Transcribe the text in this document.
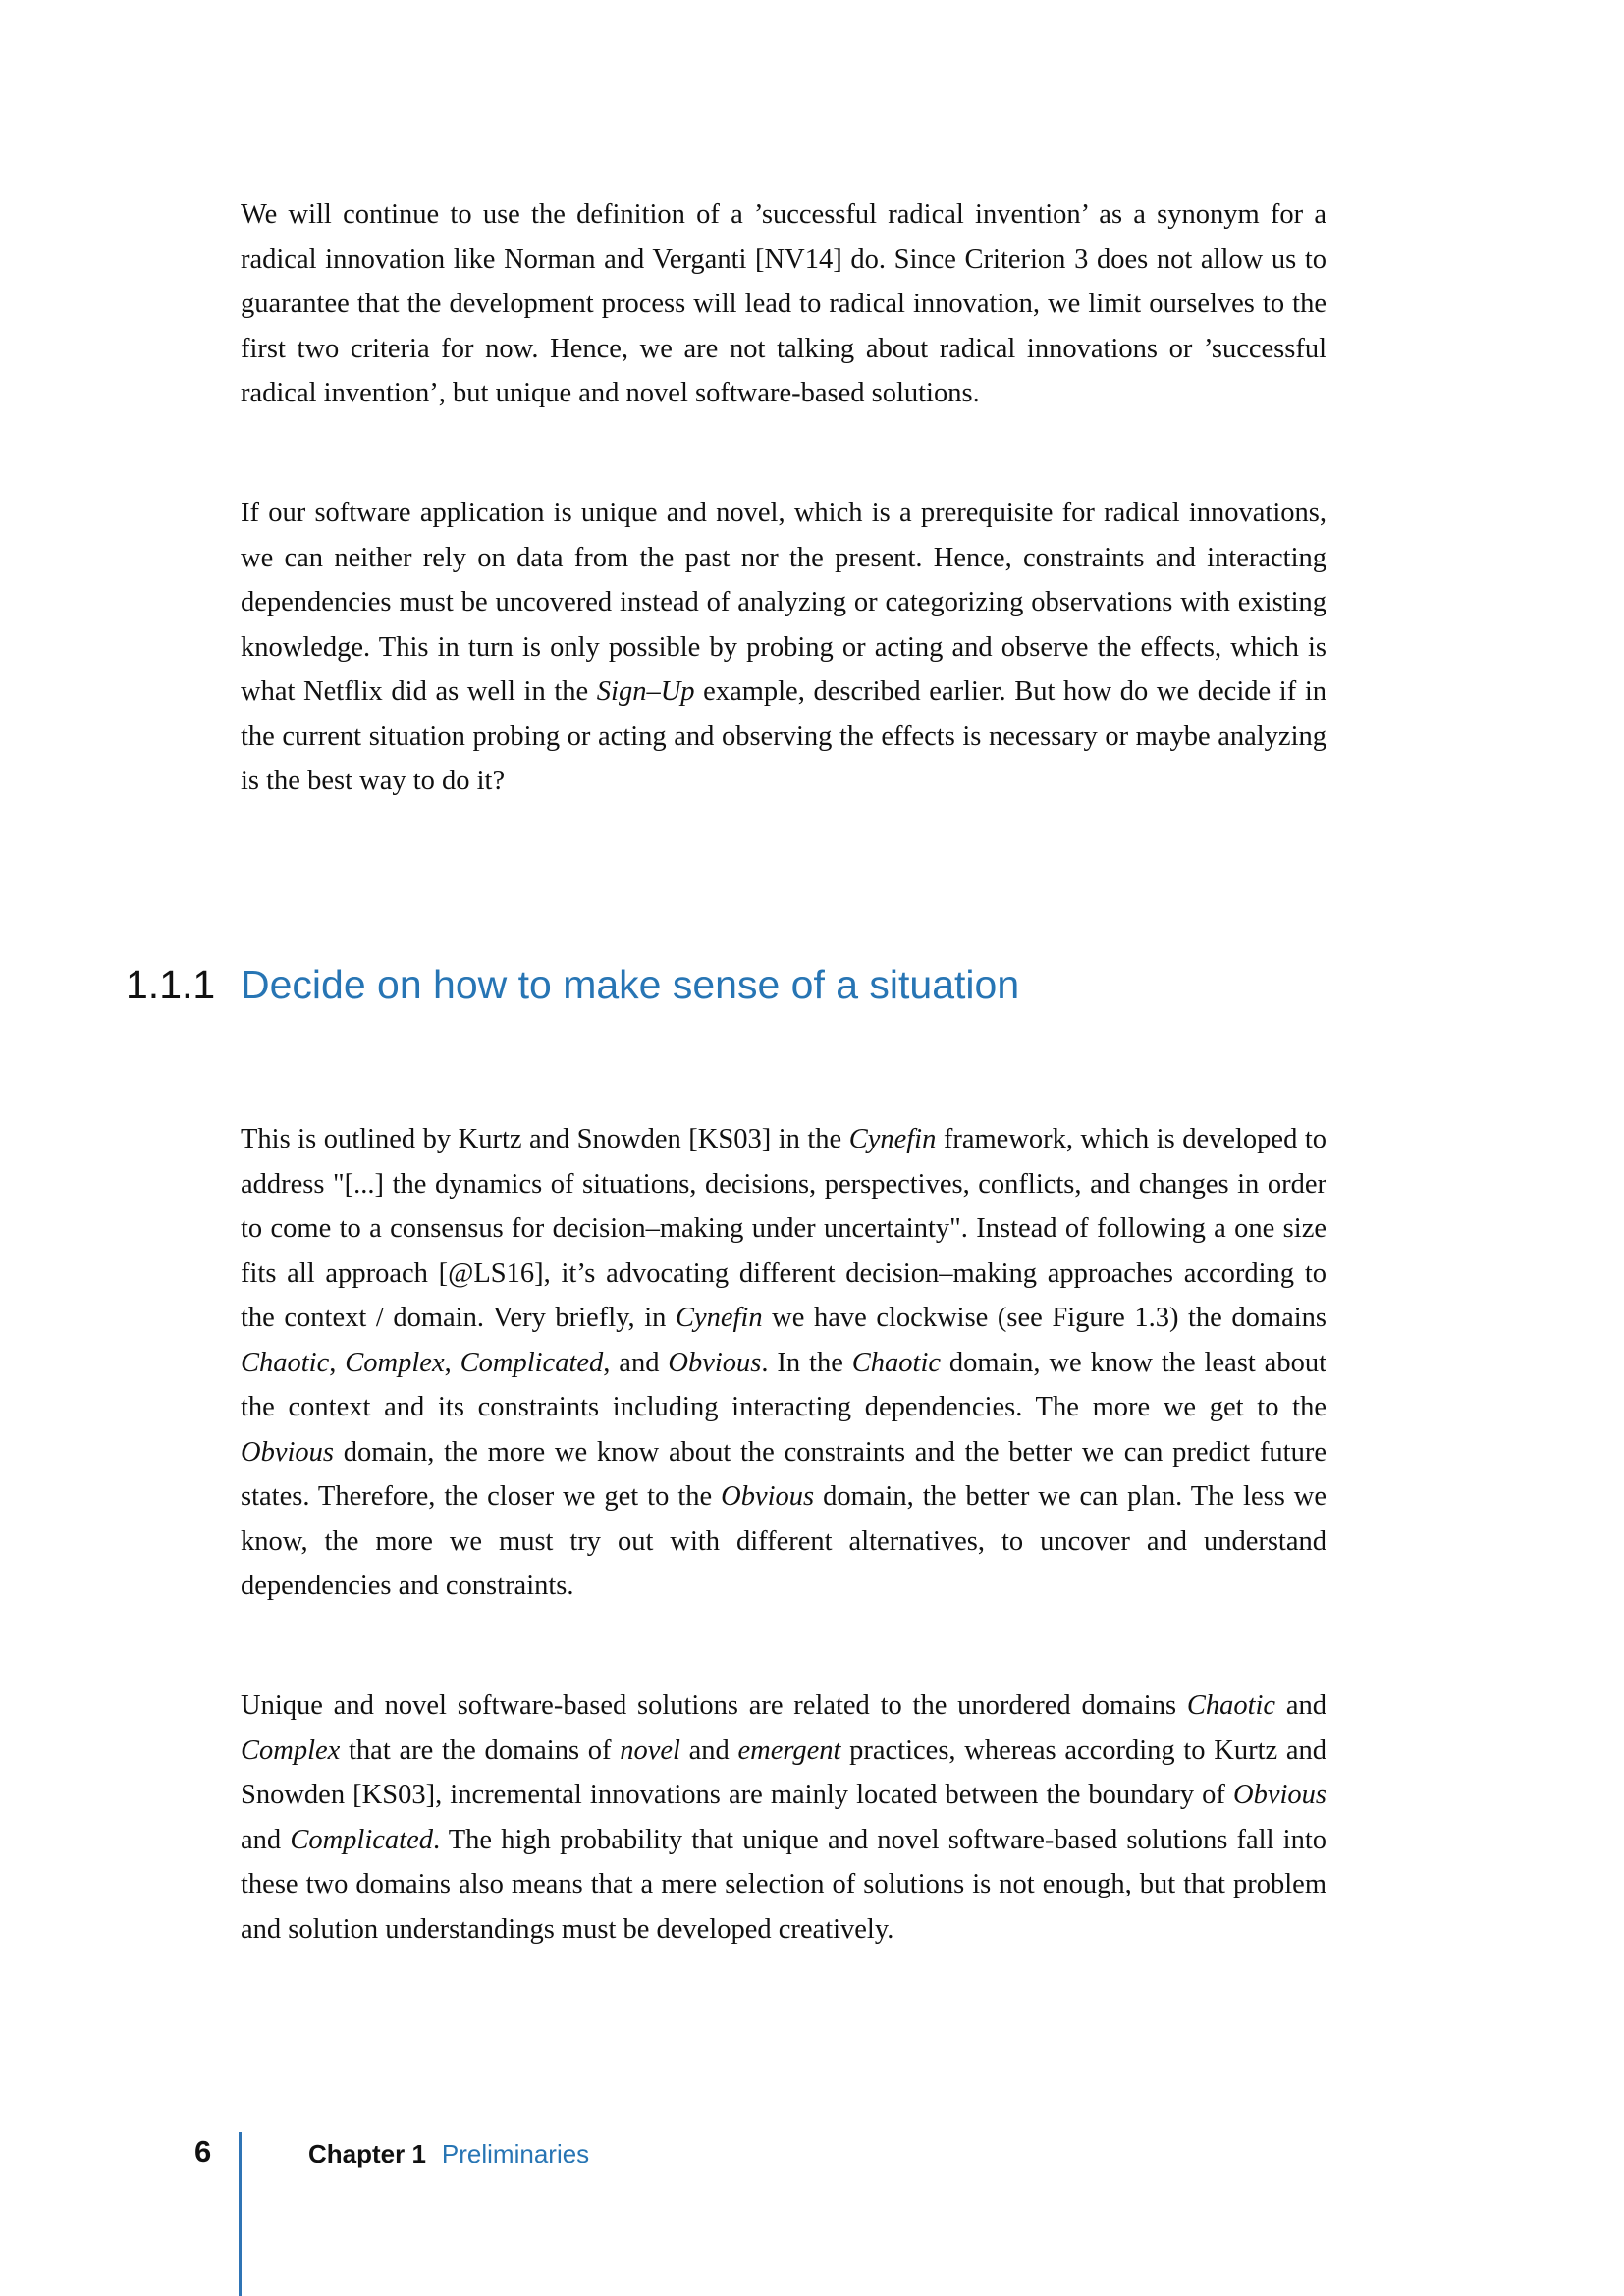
We will continue to use the definition of a ’successful radical invention’ as a synonym for a radical innovation like Norman and Verganti [NV14] do. Since Criterion 3 does not allow us to guarantee that the development process will lead to radical innovation, we limit ourselves to the first two criteria for now. Hence, we are not talking about radical innovations or ’successful radical invention’, but unique and novel software-based solutions.

If our software application is unique and novel, which is a prerequisite for radical innovations, we can neither rely on data from the past nor the present. Hence, constraints and interacting dependencies must be uncovered instead of analyzing or categorizing observations with existing knowledge. This in turn is only possible by probing or acting and observe the effects, which is what Netflix did as well in the Sign–Up example, described earlier. But how do we decide if in the current situation probing or acting and observing the effects is necessary or maybe analyzing is the best way to do it?

1.1.1 Decide on how to make sense of a situation

This is outlined by Kurtz and Snowden [KS03] in the Cynefin framework, which is developed to address "[...] the dynamics of situations, decisions, perspectives, conflicts, and changes in order to come to a consensus for decision–making under uncertainty". Instead of following a one size fits all approach [@LS16], it’s advocating different decision–making approaches according to the context / domain. Very briefly, in Cynefin we have clockwise (see Figure 1.3) the domains Chaotic, Complex, Complicated, and Obvious. In the Chaotic domain, we know the least about the context and its constraints including interacting dependencies. The more we get to the Obvious domain, the more we know about the constraints and the better we can predict future states. Therefore, the closer we get to the Obvious domain, the better we can plan. The less we know, the more we must try out with different alternatives, to uncover and understand dependencies and constraints.

Unique and novel software-based solutions are related to the unordered domains Chaotic and Complex that are the domains of novel and emergent practices, whereas according to Kurtz and Snowden [KS03], incremental innovations are mainly located between the boundary of Obvious and Complicated. The high probability that unique and novel software-based solutions fall into these two domains also means that a mere selection of solutions is not enough, but that problem and solution understandings must be developed creatively.

6	Chapter 1 Preliminaries
